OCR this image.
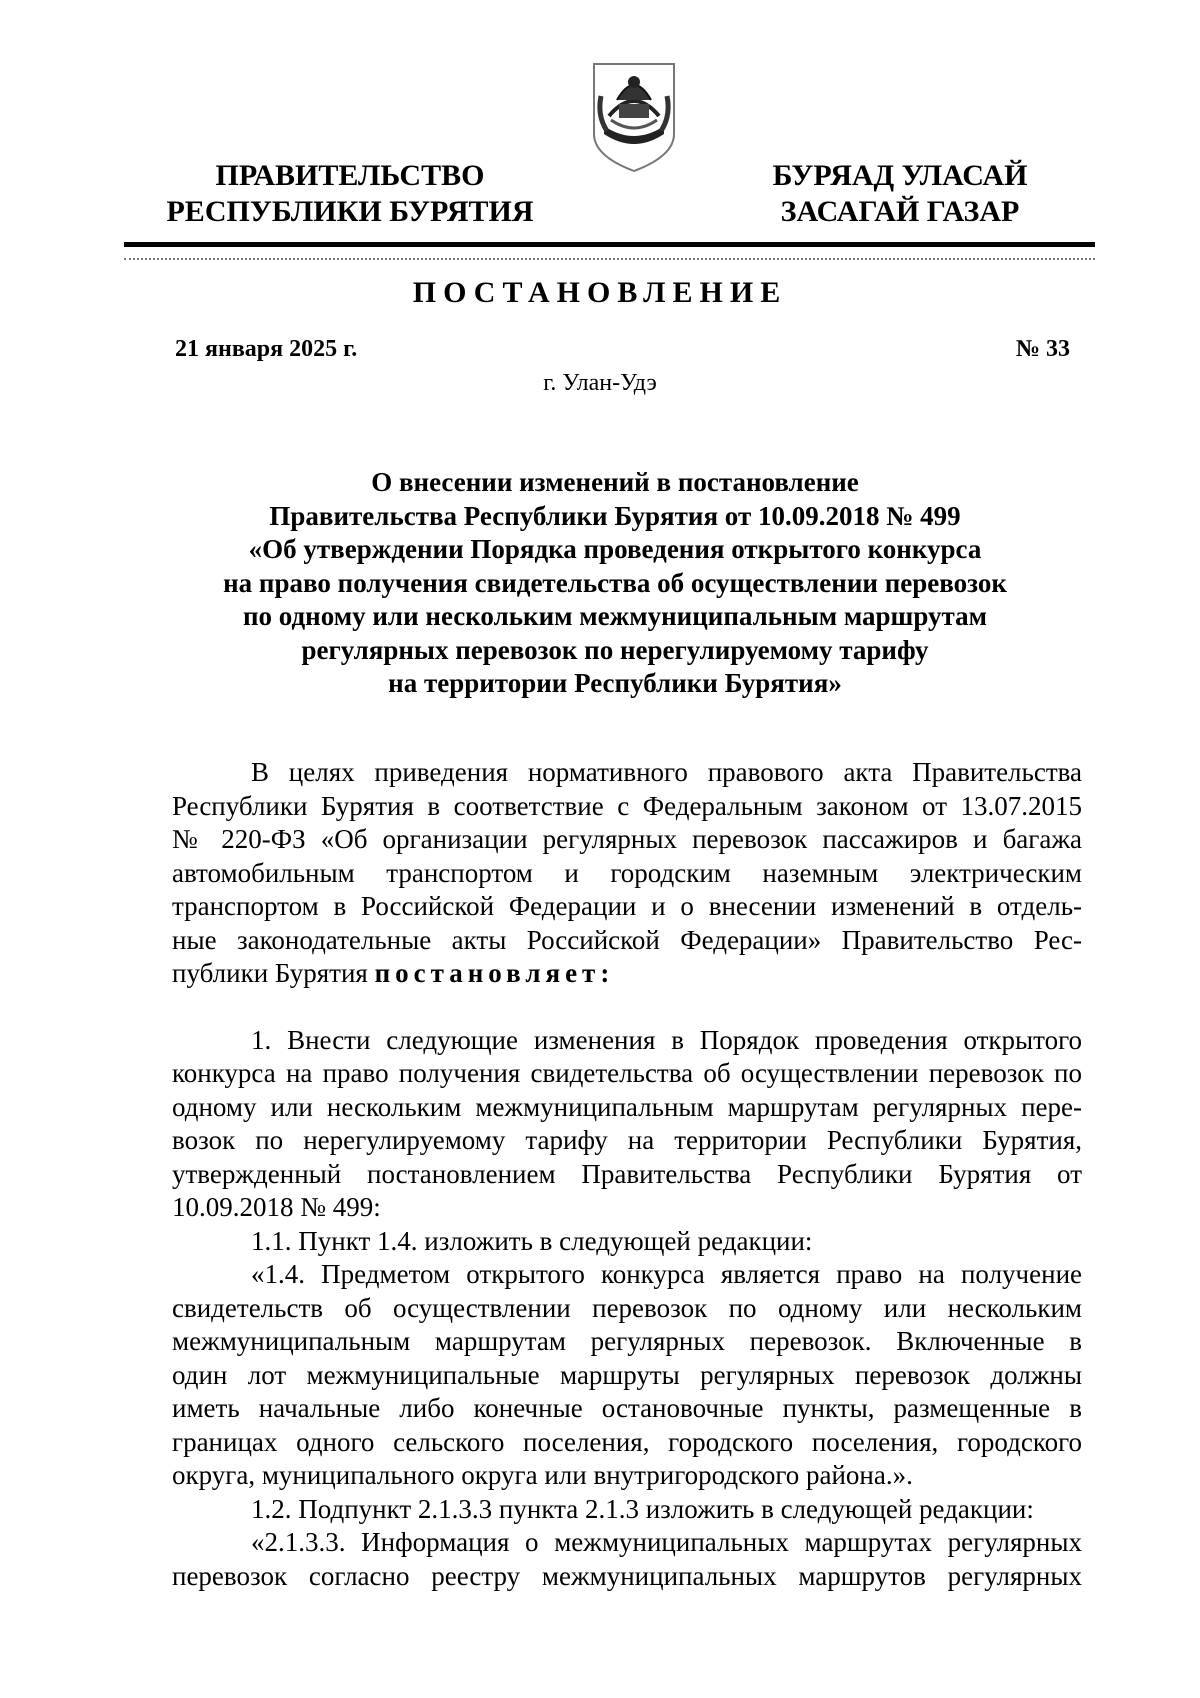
ПРАВИТЕЛЬСТВО
РЕСПУБЛИКИ БУРЯТИЯ
БУРЯАД УЛАСАЙ
ЗАСАГАЙ ГАЗАР
ПОСТАНОВЛЕНИЕ
21 января 2025 г.	№ 33
г. Улан-Удэ
О внесении изменений в постановление
Правительства Республики Бурятия от 10.09.2018 № 499
«Об утверждении Порядка проведения открытого конкурса
на право получения свидетельства об осуществлении перевозок
по одному или нескольким межмуниципальным маршрутам
регулярных перевозок по нерегулируемому тарифу
на территории Республики Бурятия»
В целях приведения нормативного правового акта Правительства
Республики Бурятия в соответствие с Федеральным законом от 13.07.2015
№ 220-ФЗ «Об организации регулярных перевозок пассажиров и багажа
автомобильным транспортом и городским наземным электрическим
транспортом в Российской Федерации и о внесении изменений в отдель-
ные законодательные акты Российской Федерации» Правительство Рес-
публики Бурятия постановляет:
1. Внести следующие изменения в Порядок проведения открытого
конкурса на право получения свидетельства об осуществлении перевозок по
одному или нескольким межмуниципальным маршрутам регулярных пере-
возок по нерегулируемому тарифу на территории Республики Бурятия,
утвержденный постановлением Правительства Республики Бурятия от
10.09.2018 № 499:
1.1. Пункт 1.4. изложить в следующей редакции:
«1.4. Предметом открытого конкурса является право на получение
свидетельств об осуществлении перевозок по одному или нескольким
межмуниципальным маршрутам регулярных перевозок. Включенные в
один лот межмуниципальные маршруты регулярных перевозок должны
иметь начальные либо конечные остановочные пункты, размещенные в
границах одного сельского поселения, городского поселения, городского
округа, муниципального округа или внутригородского района.».
1.2. Подпункт 2.1.3.3 пункта 2.1.3 изложить в следующей редакции:
«2.1.3.3. Информация о межмуниципальных маршрутах регулярных
перевозок согласно реестру межмуниципальных маршрутов регулярных
